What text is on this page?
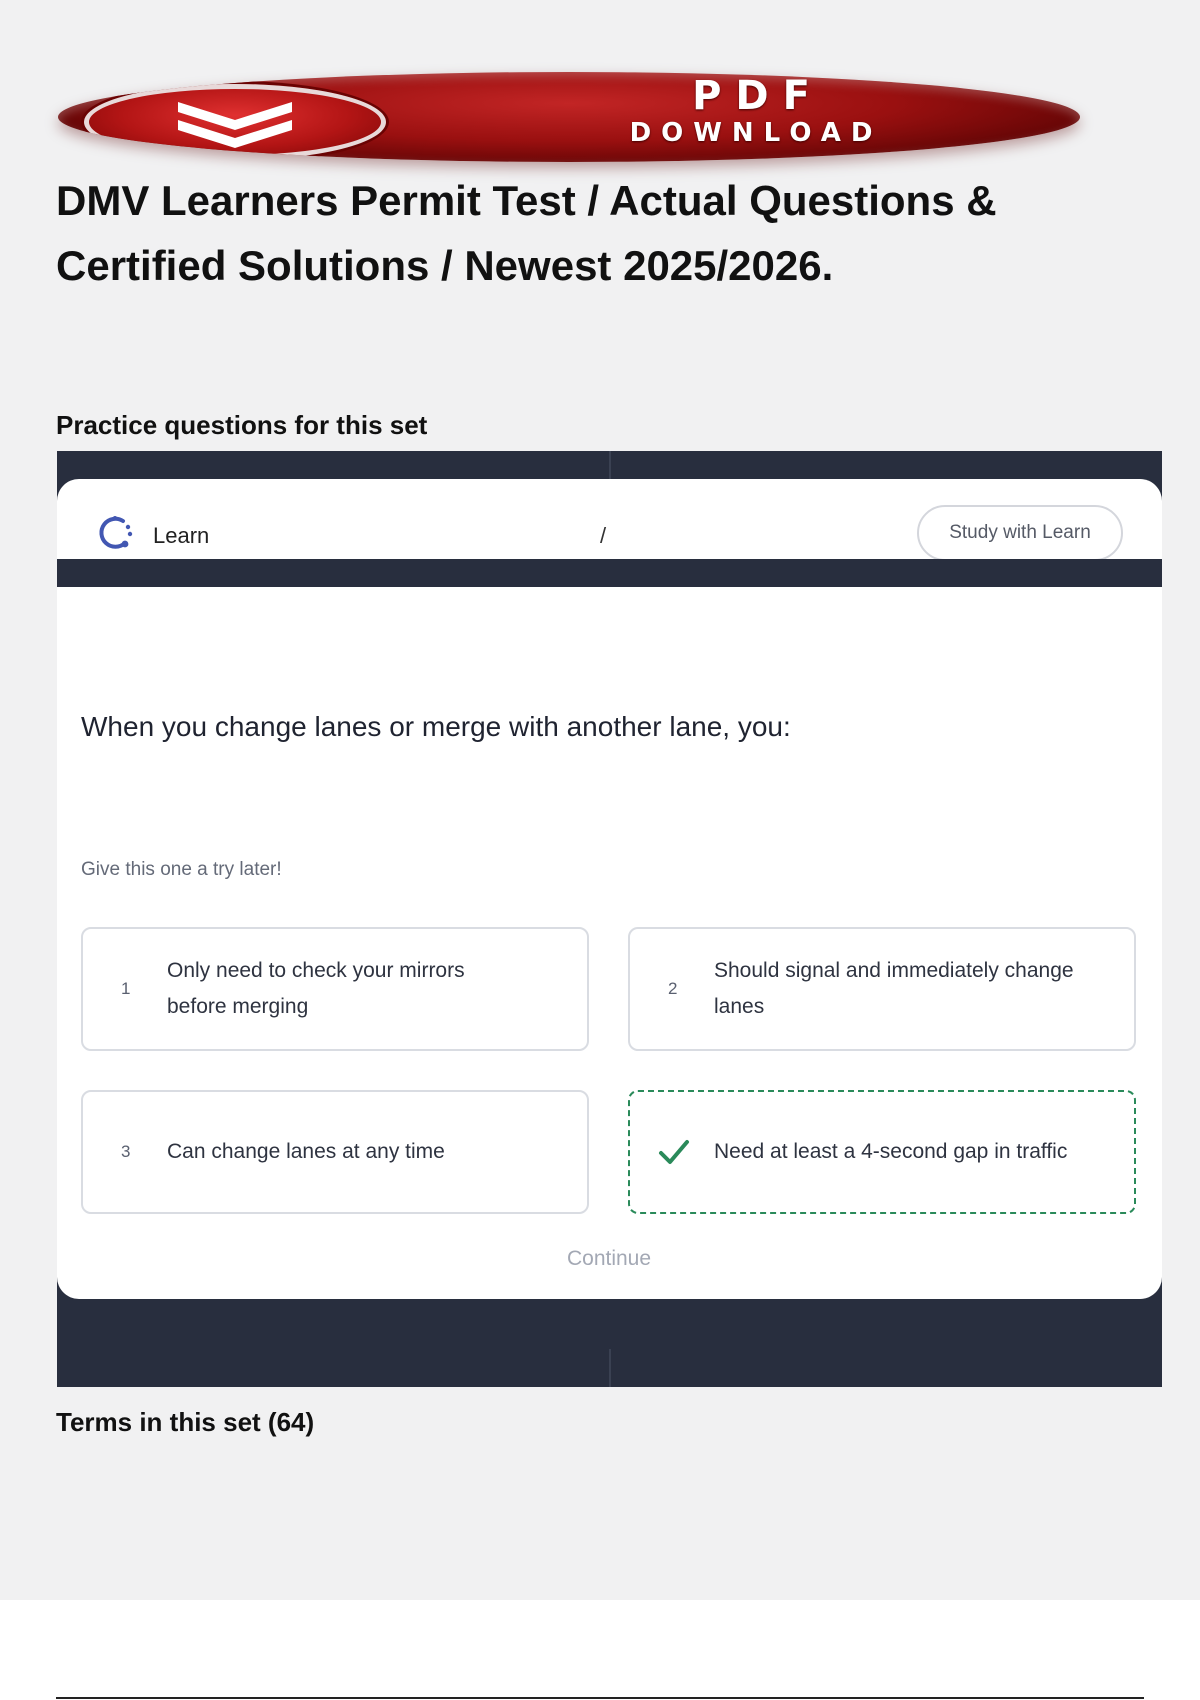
PDF
DOWNLOAD
DMV Learners Permit Test / Actual Questions & Certified Solutions / Newest 2025/2026.
Practice questions for this set
Learn	/	Study with Learn
When you change lanes or merge with another lane, you:
Give this one a try later!
1
Only need to check your mirrors before merging
2
Should signal and immediately change lanes
3 Can change lanes at any time	Need at least a 4-second gap in traffic
Continue
Terms in this set (64)
